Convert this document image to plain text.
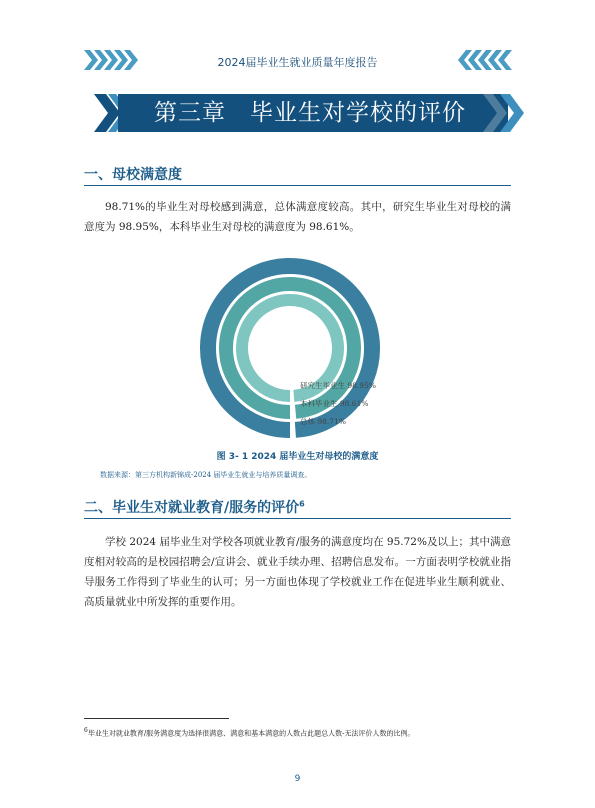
2024届毕业生就业质量年度报告
第三章　毕业生对学校的评价
一、母校满意度

98.71%的毕业生对母校感到满意，总体满意度较高。其中，研究生毕业生对母校的满意度为 98.95%，本科毕业生对母校的满意度为 98.61%。

研究生毕业生 98.95%
本科毕业生 98.61%
总体 98.71%
图 3- 1 2024 届毕业生对母校的满意度
数据来源：第三方机构新锦成-2024 届毕业生就业与培养质量调查。
二、毕业生对就业教育/服务的评价$^6$

学校 2024 届毕业生对学校各项就业教育/服务的满意度均在 95.72%及以上；其中满意度相对较高的是校园招聘会/宣讲会、就业手续办理、招聘信息发布。一方面表明学校就业指导服务工作得到了毕业生的认可；另一方面也体现了学校就业工作在促进毕业生顺利就业、高质量就业中所发挥的重要作用。

$^6$毕业生对就业教育/服务满意度为选择很满意、满意和基本满意的人数占此题总人数-无法评价人数的比例。
9
